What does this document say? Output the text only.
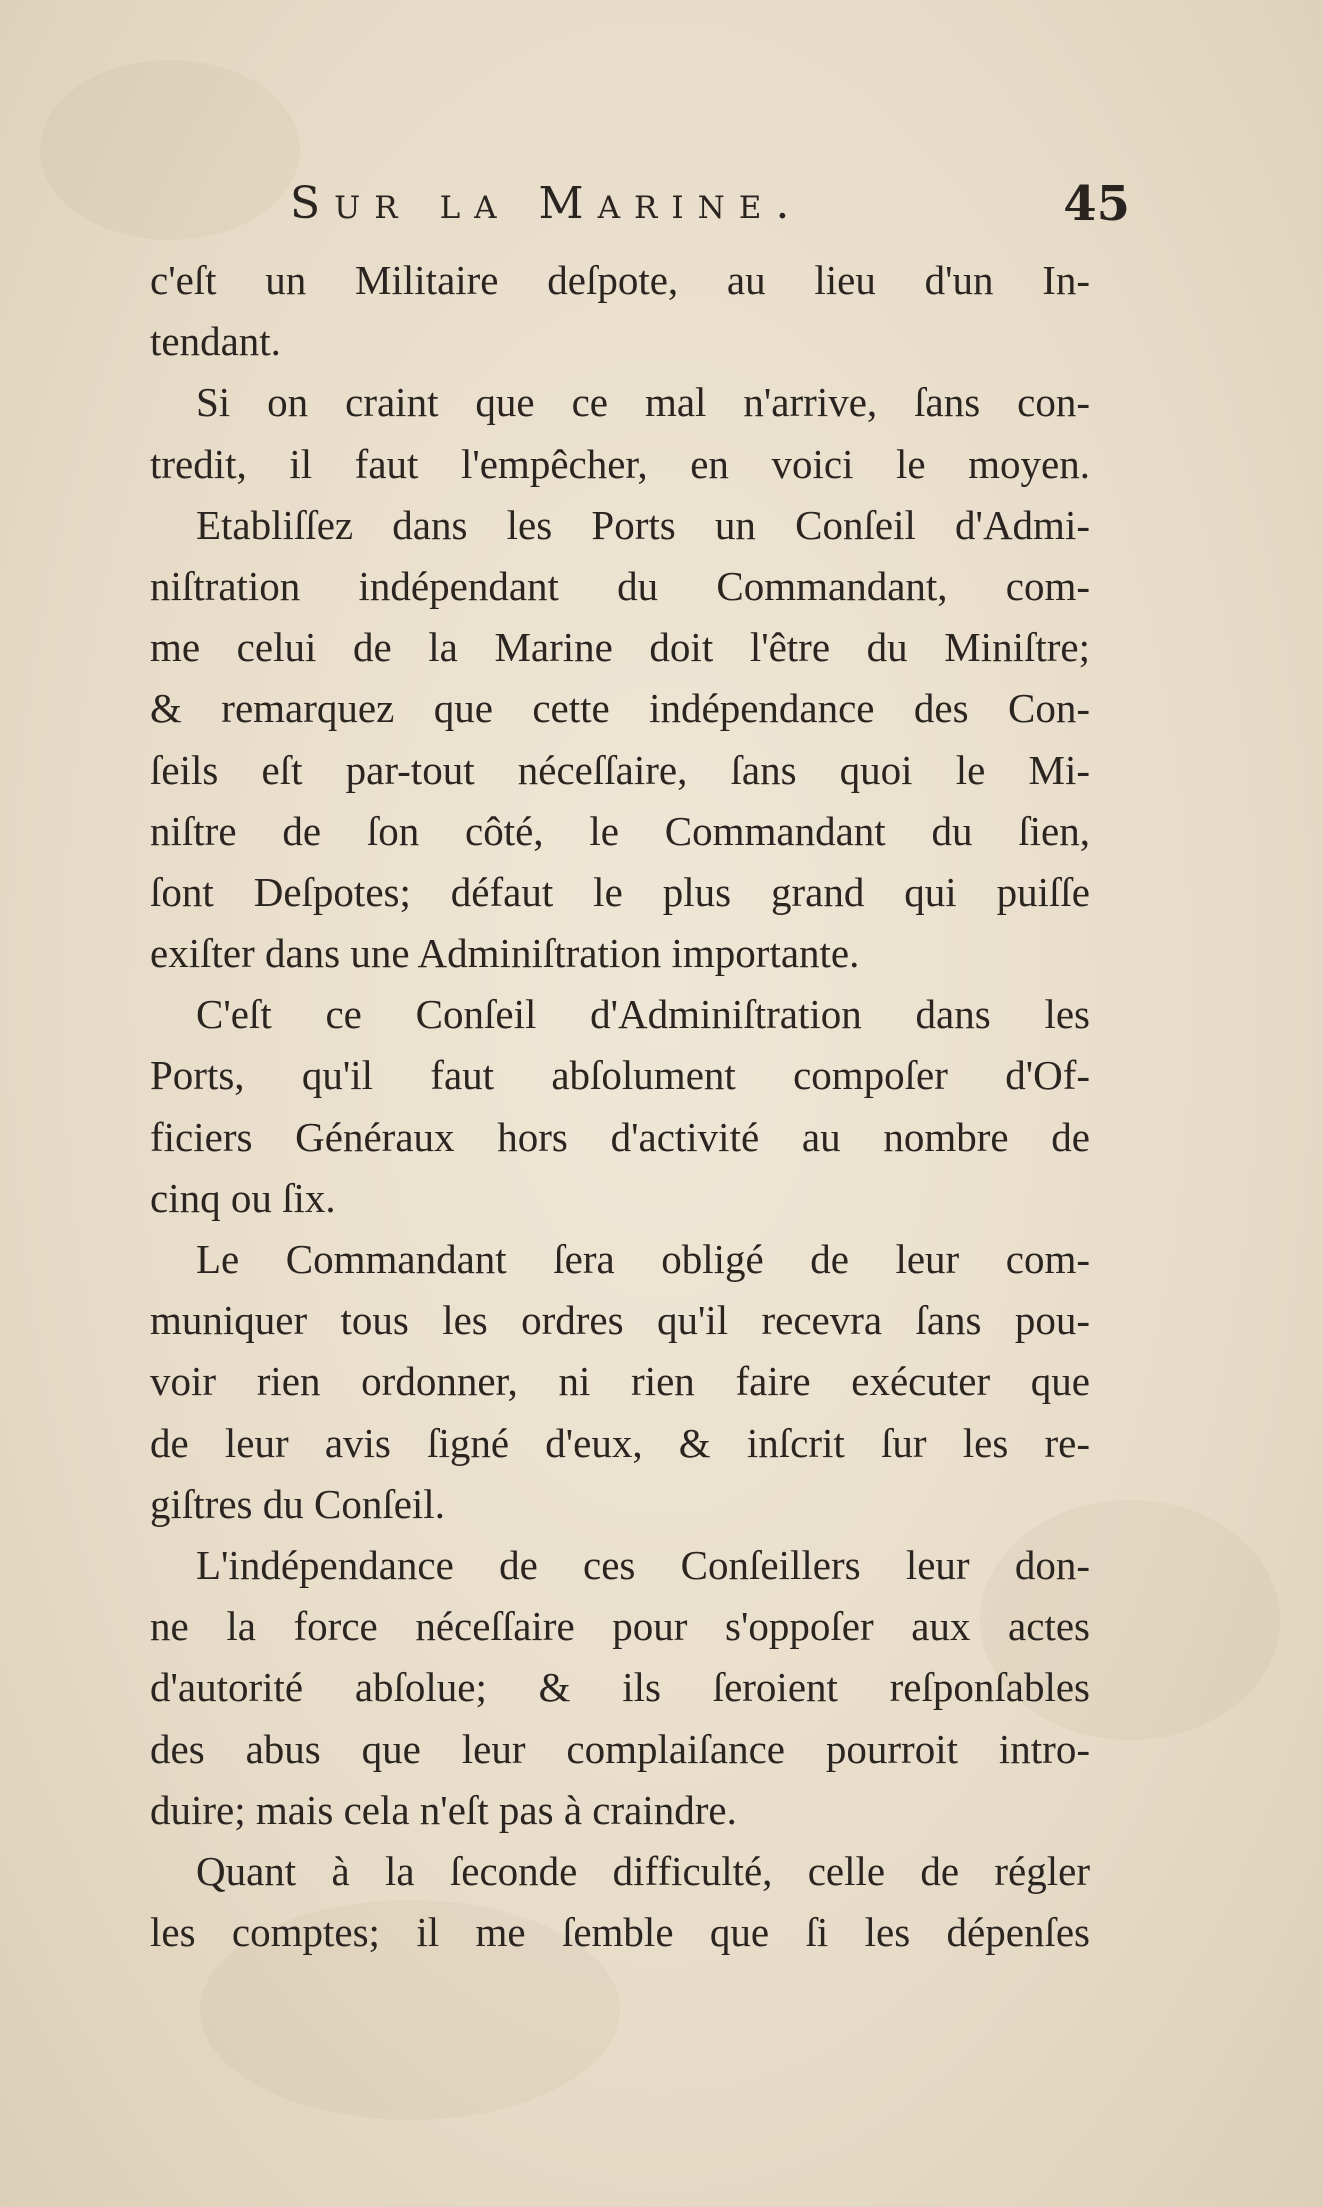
Sur la Marine.	45
c'eſt un Militaire deſpote, au lieu d'un In-
tendant.
Si on craint que ce mal n'arrive, ſans con-
tredit, il faut l'empêcher, en voici le moyen.
Etabliſſez dans les Ports un Conſeil d'Admi-
niſtration indépendant du Commandant, com-
me celui de la Marine doit l'être du Miniſtre;
& remarquez que cette indépendance des Con-
ſeils eſt par-tout néceſſaire, ſans quoi le Mi-
niſtre de ſon côté, le Commandant du ſien,
ſont Deſpotes; défaut le plus grand qui puiſſe
exiſter dans une Adminiſtration importante.
C'eſt ce Conſeil d'Adminiſtration dans les
Ports, qu'il faut abſolument compoſer d'Of-
ficiers Généraux hors d'activité au nombre de
cinq ou ſix.
Le Commandant ſera obligé de leur com-
muniquer tous les ordres qu'il recevra ſans pou-
voir rien ordonner, ni rien faire exécuter que
de leur avis ſigné d'eux, & inſcrit ſur les re-
giſtres du Conſeil.
L'indépendance de ces Conſeillers leur don-
ne la force néceſſaire pour s'oppoſer aux actes
d'autorité abſolue; & ils ſeroient reſponſables
des abus que leur complaiſance pourroit intro-
duire; mais cela n'eſt pas à craindre.
Quant à la ſeconde difficulté, celle de régler
les comptes; il me ſemble que ſi les dépenſes
